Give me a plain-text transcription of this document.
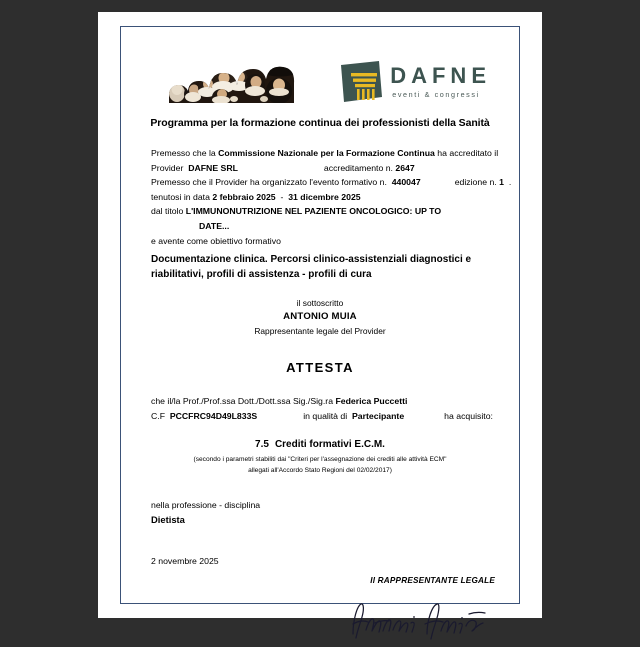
DAFNE
eventi & congressi
Programma per la formazione continua dei professionisti della Sanità
Premesso che la Commissione Nazionale per la Formazione Continua ha accreditato il
Provider DAFNE SRL	accreditamento n. 2647
Premesso che il Provider ha organizzato l'evento formativo n. 440047	edizione n. 1 .
tenutosi in data 2 febbraio 2025 - 31 dicembre 2025
dal titolo L'IMMUNONUTRIZIONE NEL PAZIENTE ONCOLOGICO: UP TO
DATE...
e avente come obiettivo formativo
Documentazione clinica. Percorsi clinico-assistenziali diagnostici e
riabilitativi, profili di assistenza - profili di cura
il sottoscritto
ANTONIO MUIA
Rappresentante legale del Provider
ATTESTA
che il/la Prof./Prof.ssa Dott./Dott.ssa Sig./Sig.ra Federica Puccetti
C.F PCCFRC94D49L833S	in qualità di Partecipante	ha acquisito:
7.5 Crediti formativi E.C.M.
(secondo i parametri stabiliti dai "Criteri per l'assegnazione dei crediti alle attività ECM"
allegati all'Accordo Stato Regioni del 02/02/2017)
nella professione - disciplina
Dietista
2 novembre 2025
Il RAPPRESENTANTE LEGALE
